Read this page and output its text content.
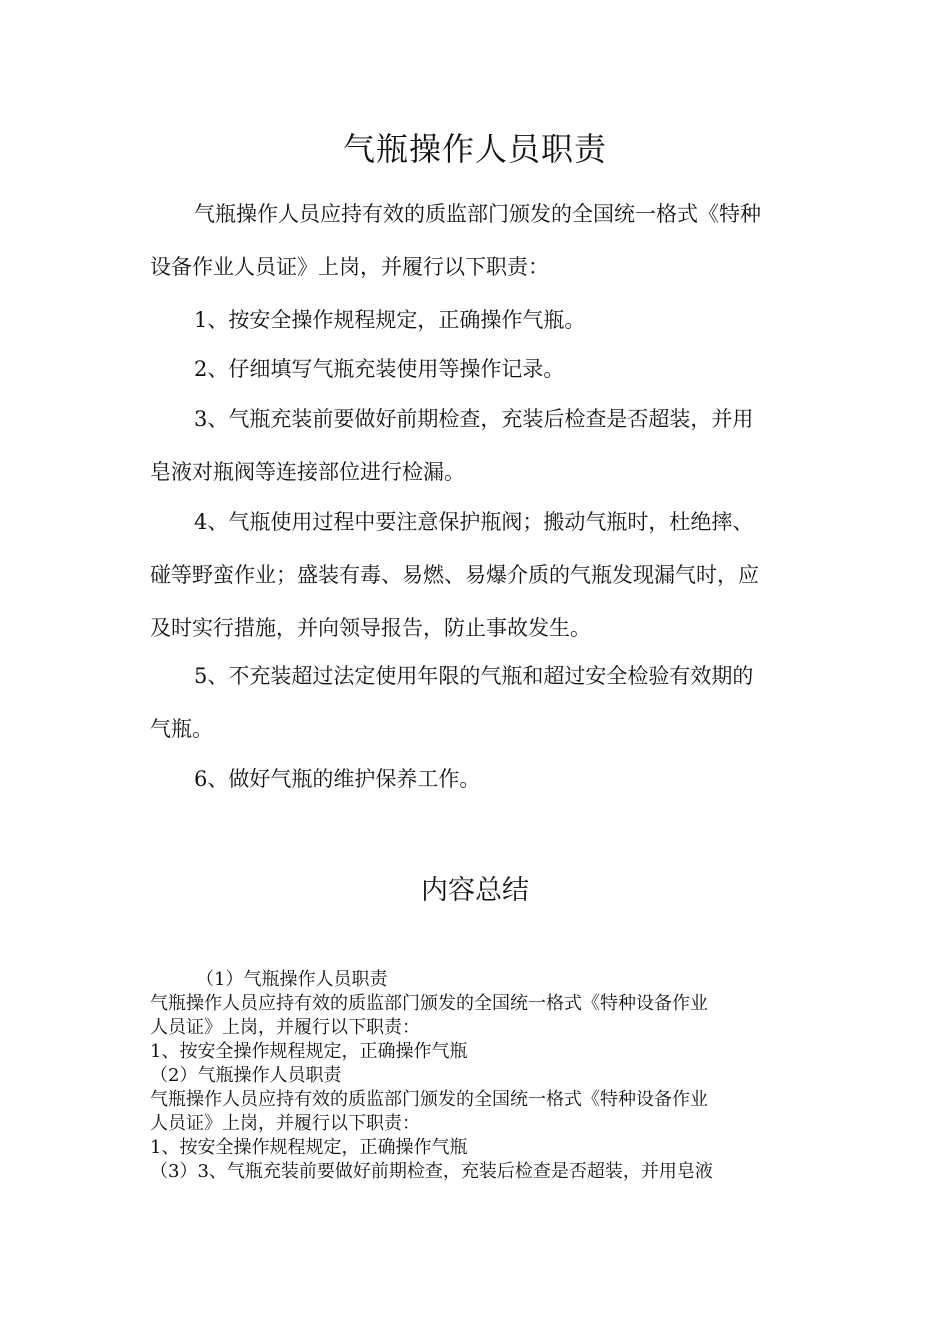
气瓶操作人员职责
气瓶操作人员应持有效的质监部门颁发的全国统一格式《特种
设备作业人员证》上岗，并履行以下职责：
1、按安全操作规程规定，正确操作气瓶。
2、仔细填写气瓶充装使用等操作记录。
3、气瓶充装前要做好前期检查，充装后检查是否超装，并用
皂液对瓶阀等连接部位进行检漏。
4、气瓶使用过程中要注意保护瓶阀；搬动气瓶时，杜绝摔、
碰等野蛮作业；盛装有毒、易燃、易爆介质的气瓶发现漏气时，应
及时实行措施，并向领导报告，防止事故发生。
5、不充装超过法定使用年限的气瓶和超过安全检验有效期的
气瓶。
6、做好气瓶的维护保养工作。
内容总结
（1）气瓶操作人员职责
气瓶操作人员应持有效的质监部门颁发的全国统一格式《特种设备作业
人员证》上岗，并履行以下职责：
1、按安全操作规程规定，正确操作气瓶
（2）气瓶操作人员职责
气瓶操作人员应持有效的质监部门颁发的全国统一格式《特种设备作业
人员证》上岗，并履行以下职责：
1、按安全操作规程规定，正确操作气瓶
（3）3、气瓶充装前要做好前期检查，充装后检查是否超装，并用皂液
